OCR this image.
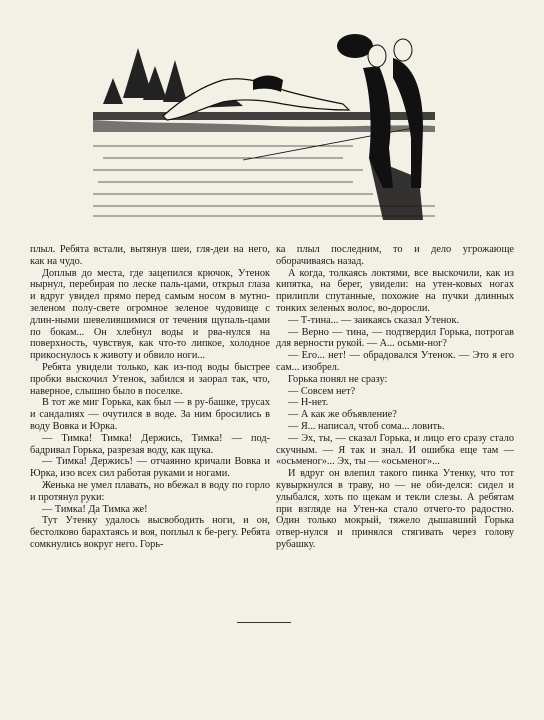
плыл. Ребята встали, вытянув шеи, гля-деи на него, как на чудо.

Доплыв до места, где зацепился крючок, Утенок нырнул, перебирая по леске паль-цами, открыл глаза и вдруг увидел прямо перед самым носом в мутно-зеленом полу-свете огромное зеленое чудовище с длин-ными шевелившимися от течения щупаль-цами по бокам... Он хлебнул воды и рва-нулся на поверхность, чувствуя, как что-то липкое, холодное прикоснулось к животу и обвило ноги...

Ребята увидели только, как из-под воды быстрее пробки выскочил Утенок, забился и заорал так, что, наверное, слышно было в поселке.

В тот же миг Горька, как был — в ру-башке, трусах и сандалиях — очутился в воде. За ним бросились в воду Вовка и Юрка.

— Тимка! Тимка! Держись, Тимка! — под-бадривал Горька, разрезая воду, как щука.

— Тимка! Держись! — отчаянно кричали Вовка и Юрка, изо всех сил работая руками и ногами.

Женька не умел плавать, но вбежал в воду по горло и протянул руки:

— Тимка! Да Тимка же!

Тут Утенку удалось высвободить ноги, и он, бестолково барахтаясь и воя, поплыл к бе-регу. Ребята сомкнулись вокруг него. Горь-

ка плыл последним, то и дело угрожающе оборачиваясь назад.

А когда, толкаясь локтями, все выскочили, как из кипятка, на берег, увидели: на утен-ковых ногах прилипли спутанные, похожие на пучки длинных тонких зеленых волос, во-доросли.

— Т-тина... — заикаясь сказал Утенок.

— Верно — тина, — подтвердил Горька, потрогав для верности рукой. — А... осьми-ног?

— Его... нет! — обрадовался Утенок. — Это я его сам... изобрел.

Горька понял не сразу:

— Совсем нет?

— Н-нет.

— А как же объявление?

— Я... написал, чтоб сома... ловить.

— Эх, ты, — сказал Горька, и лицо его сразу стало скучным. — Я так и знал. И ошибка еще там — «осьменог»... Эх, ты — «осьменог»...

И вдруг он влепил такого пинка Утенку, что тот кувыркнулся в траву, но — не оби-делся: сидел и улыбался, хоть по щекам и текли слезы. А ребятам при взгляде на Утен-ка стало отчего-то радостно. Один только мокрый, тяжело дышавший Горька отвер-нулся и принялся стягивать через голову рубашку.
